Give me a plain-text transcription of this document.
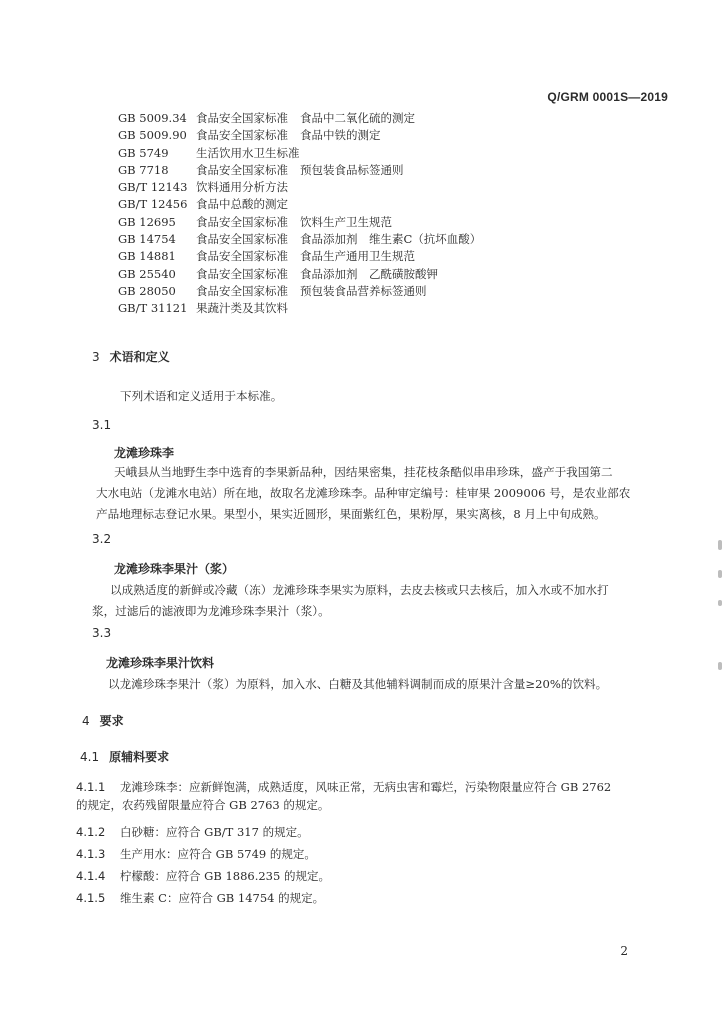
Q/GRM 0001S—2019
GB 5009.34 食品安全国家标准 食品中二氧化硫的测定
GB 5009.90 食品安全国家标准 食品中铁的测定
GB 5749 生活饮用水卫生标准
GB 7718 食品安全国家标准 预包装食品标签通则
GB/T 12143 饮料通用分析方法
GB/T 12456 食品中总酸的测定
GB 12695 食品安全国家标准 饮料生产卫生规范
GB 14754 食品安全国家标准 食品添加剂　维生素C（抗坏血酸）
GB 14881 食品安全国家标准 食品生产通用卫生规范
GB 25540 食品安全国家标准 食品添加剂　乙酰磺胺酸钾
GB 28050 食品安全国家标准 预包装食品营养标签通则
GB/T 31121 果蔬汁类及其饮料
3 术语和定义
下列术语和定义适用于本标准。
3.1
龙滩珍珠李
天峨县从当地野生李中选育的李果新品种，因结果密集，挂花枝条酷似串串珍珠，盛产于我国第二
大水电站（龙滩水电站）所在地，故取名龙滩珍珠李。品种审定编号：桂审果 2009006 号，是农业部农
产品地理标志登记水果。果型小，果实近圆形，果面紫红色，果粉厚，果实离核，8 月上中旬成熟。
3.2
龙滩珍珠李果汁（浆）
以成熟适度的新鲜或冷藏（冻）龙滩珍珠李果实为原料，去皮去核或只去核后，加入水或不加水打
浆，过滤后的滤液即为龙滩珍珠李果汁（浆）。
3.3
龙滩珍珠李果汁饮料
以龙滩珍珠李果汁（浆）为原料，加入水、白糖及其他辅料调制而成的原果汁含量≥20%的饮料。
4 要求
4.1 原辅料要求
4.1.1 龙滩珍珠李：应新鲜饱满，成熟适度，风味正常，无病虫害和霉烂，污染物限量应符合 GB 2762
的规定，农药残留限量应符合 GB 2763 的规定。
4.1.2 白砂糖：应符合 GB/T 317 的规定。
4.1.3 生产用水：应符合 GB 5749 的规定。
4.1.4 柠檬酸：应符合 GB 1886.235 的规定。
4.1.5 维生素 C：应符合 GB 14754 的规定。
2
